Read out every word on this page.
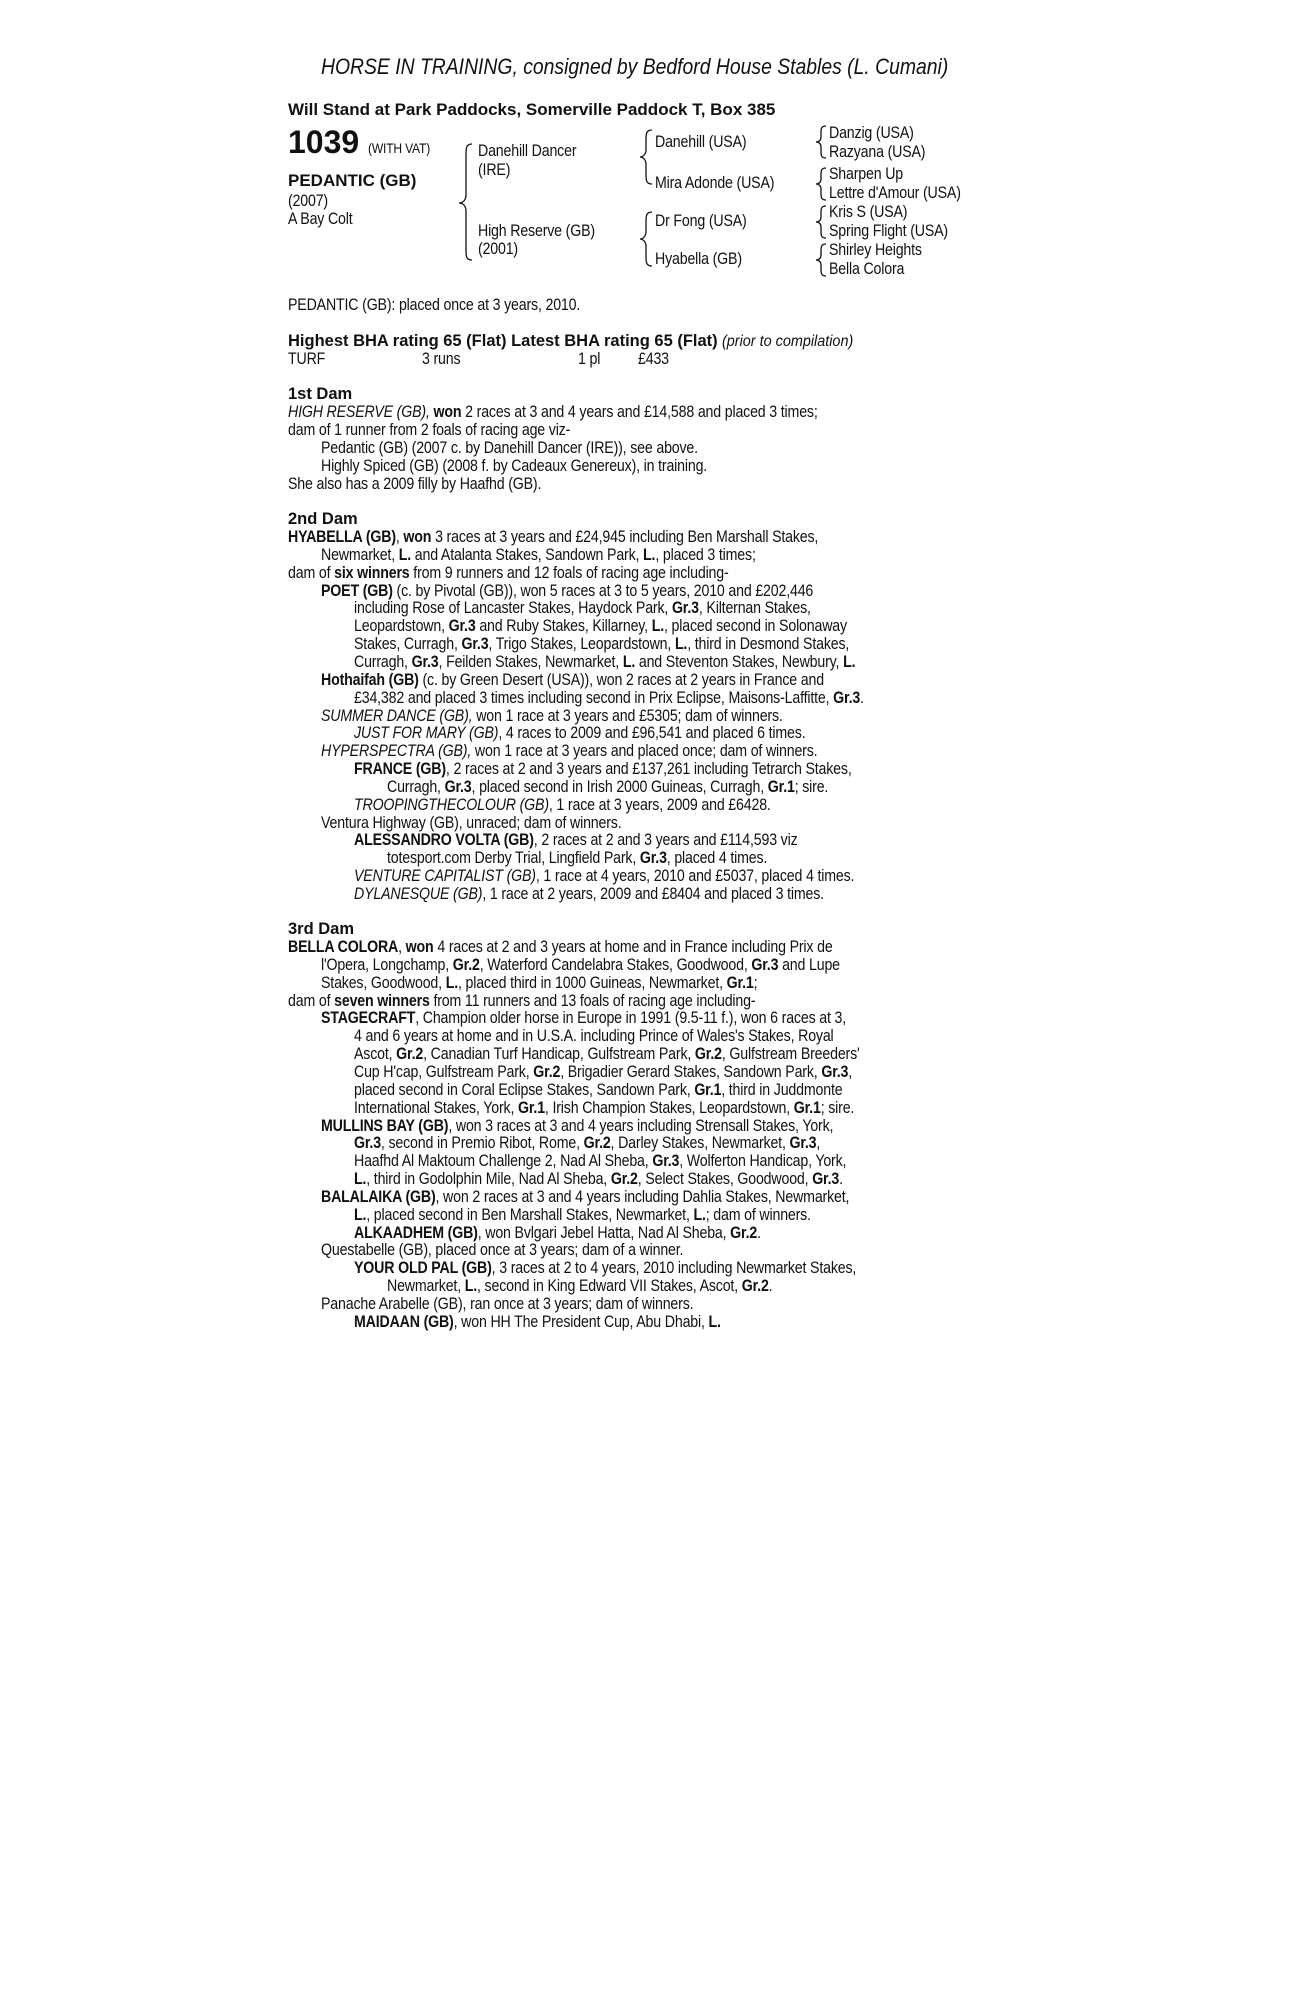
HORSE IN TRAINING, consigned by Bedford House Stables (L. Cumani)
Will Stand at Park Paddocks, Somerville Paddock T, Box 385
1039 (WITH VAT)
PEDANTIC (GB)
(2007)
A Bay Colt
Danehill Dancer
(IRE)
High Reserve (GB)
(2001)
Danehill (USA)
Mira Adonde (USA)
Dr Fong (USA)
Hyabella (GB)
Danzig (USA)
Razyana (USA)
Sharpen Up
Lettre d'Amour (USA)
Kris S (USA)
Spring Flight (USA)
Shirley Heights
Bella Colora
PEDANTIC (GB): placed once at 3 years, 2010.
Highest BHA rating 65 (Flat) Latest BHA rating 65 (Flat) (prior to compilation)
TURF	3 runs	1 pl £433
1st Dam
HIGH RESERVE (GB), won 2 races at 3 and 4 years and £14,588 and placed 3 times;
dam of 1 runner from 2 foals of racing age viz-
Pedantic (GB) (2007 c. by Danehill Dancer (IRE)), see above.
Highly Spiced (GB) (2008 f. by Cadeaux Genereux), in training.
She also has a 2009 filly by Haafhd (GB).
2nd Dam
HYABELLA (GB), won 3 races at 3 years and £24,945 including Ben Marshall Stakes,
Newmarket, L. and Atalanta Stakes, Sandown Park, L., placed 3 times;
dam of six winners from 9 runners and 12 foals of racing age including-
POET (GB) (c. by Pivotal (GB)), won 5 races at 3 to 5 years, 2010 and £202,446
including Rose of Lancaster Stakes, Haydock Park, Gr.3, Kilternan Stakes,
Leopardstown, Gr.3 and Ruby Stakes, Killarney, L., placed second in Solonaway
Stakes, Curragh, Gr.3, Trigo Stakes, Leopardstown, L., third in Desmond Stakes,
Curragh, Gr.3, Feilden Stakes, Newmarket, L. and Steventon Stakes, Newbury, L.
Hothaifah (GB) (c. by Green Desert (USA)), won 2 races at 2 years in France and
£34,382 and placed 3 times including second in Prix Eclipse, Maisons-Laffitte, Gr.3.
SUMMER DANCE (GB), won 1 race at 3 years and £5305; dam of winners.
JUST FOR MARY (GB), 4 races to 2009 and £96,541 and placed 6 times.
HYPERSPECTRA (GB), won 1 race at 3 years and placed once; dam of winners.
FRANCE (GB), 2 races at 2 and 3 years and £137,261 including Tetrarch Stakes,
Curragh, Gr.3, placed second in Irish 2000 Guineas, Curragh, Gr.1; sire.
TROOPINGTHECOLOUR (GB), 1 race at 3 years, 2009 and £6428.
Ventura Highway (GB), unraced; dam of winners.
ALESSANDRO VOLTA (GB), 2 races at 2 and 3 years and £114,593 viz
totesport.com Derby Trial, Lingfield Park, Gr.3, placed 4 times.
VENTURE CAPITALIST (GB), 1 race at 4 years, 2010 and £5037, placed 4 times.
DYLANESQUE (GB), 1 race at 2 years, 2009 and £8404 and placed 3 times.
3rd Dam
BELLA COLORA, won 4 races at 2 and 3 years at home and in France including Prix de
l'Opera, Longchamp, Gr.2, Waterford Candelabra Stakes, Goodwood, Gr.3 and Lupe
Stakes, Goodwood, L., placed third in 1000 Guineas, Newmarket, Gr.1;
dam of seven winners from 11 runners and 13 foals of racing age including-
STAGECRAFT, Champion older horse in Europe in 1991 (9.5-11 f.), won 6 races at 3,
4 and 6 years at home and in U.S.A. including Prince of Wales's Stakes, Royal
Ascot, Gr.2, Canadian Turf Handicap, Gulfstream Park, Gr.2, Gulfstream Breeders'
Cup H'cap, Gulfstream Park, Gr.2, Brigadier Gerard Stakes, Sandown Park, Gr.3,
placed second in Coral Eclipse Stakes, Sandown Park, Gr.1, third in Juddmonte
International Stakes, York, Gr.1, Irish Champion Stakes, Leopardstown, Gr.1; sire.
MULLINS BAY (GB), won 3 races at 3 and 4 years including Strensall Stakes, York,
Gr.3, second in Premio Ribot, Rome, Gr.2, Darley Stakes, Newmarket, Gr.3,
Haafhd Al Maktoum Challenge 2, Nad Al Sheba, Gr.3, Wolferton Handicap, York,
L., third in Godolphin Mile, Nad Al Sheba, Gr.2, Select Stakes, Goodwood, Gr.3.
BALALAIKA (GB), won 2 races at 3 and 4 years including Dahlia Stakes, Newmarket,
L., placed second in Ben Marshall Stakes, Newmarket, L.; dam of winners.
ALKAADHEM (GB), won Bvlgari Jebel Hatta, Nad Al Sheba, Gr.2.
Questabelle (GB), placed once at 3 years; dam of a winner.
YOUR OLD PAL (GB), 3 races at 2 to 4 years, 2010 including Newmarket Stakes,
Newmarket, L., second in King Edward VII Stakes, Ascot, Gr.2.
Panache Arabelle (GB), ran once at 3 years; dam of winners.
MAIDAAN (GB), won HH The President Cup, Abu Dhabi, L.
